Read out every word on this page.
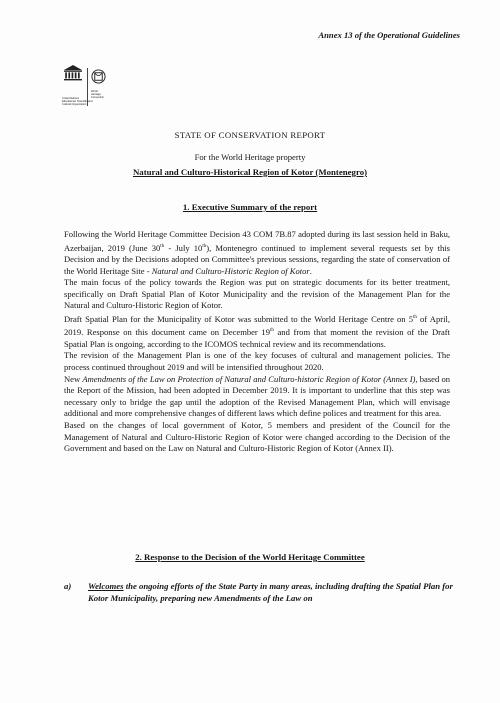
Annex 13 of the Operational Guidelines
United Nations
Educational, Scientific and
Cultural Organization
World
Heritage
Convention
STATE OF CONSERVATION REPORT
For the World Heritage property
Natural and Culturo-Historical Region of Kotor (Montenegro)
1. Executive Summary of the report

Following the World Heritage Committee Decision 43 COM 7B.87 adopted during its last session held in Baku, Azerbaijan, 2019 (June 30th - July 10th), Montenegro continued to implement several requests set by this Decision and by the Decisions adopted on Committee's previous sessions, regarding the state of conservation of the World Heritage Site - Natural and Culturo-Historic Region of Kotor.

The main focus of the policy towards the Region was put on strategic documents for its better treatment, specifically on Draft Spatial Plan of Kotor Municipality and the revision of the Management Plan for the Natural and Culturo-Historic Region of Kotor.

Draft Spatial Plan for the Municipality of Kotor was submitted to the World Heritage Centre on 5th of April, 2019. Response on this document came on December 19th and from that moment the revision of the Draft Spatial Plan is ongoing, according to the ICOMOS technical review and its recommendations.

The revision of the Management Plan is one of the key focuses of cultural and management policies. The process continued throughout 2019 and will be intensified throughout 2020.

New Amendments of the Law on Protection of Natural and Culturo-historic Region of Kotor (Annex I), based on the Report of the Mission, had been adopted in December 2019. It is important to underline that this step was necessary only to bridge the gap until the adoption of the Revised Management Plan, which will envisage additional and more comprehensive changes of different laws which define polices and treatment for this area.

Based on the changes of local government of Kotor, 5 members and president of the Council for the Management of Natural and Culturo-Historic Region of Kotor were changed according to the Decision of the Government and based on the Law on Natural and Culturo-Historic Region of Kotor (Annex II).

2. Response to the Decision of the World Heritage Committee
a) Welcomes the ongoing efforts of the State Party in many areas, including drafting the Spatial Plan for Kotor Municipality, preparing new Amendments of the Law on
